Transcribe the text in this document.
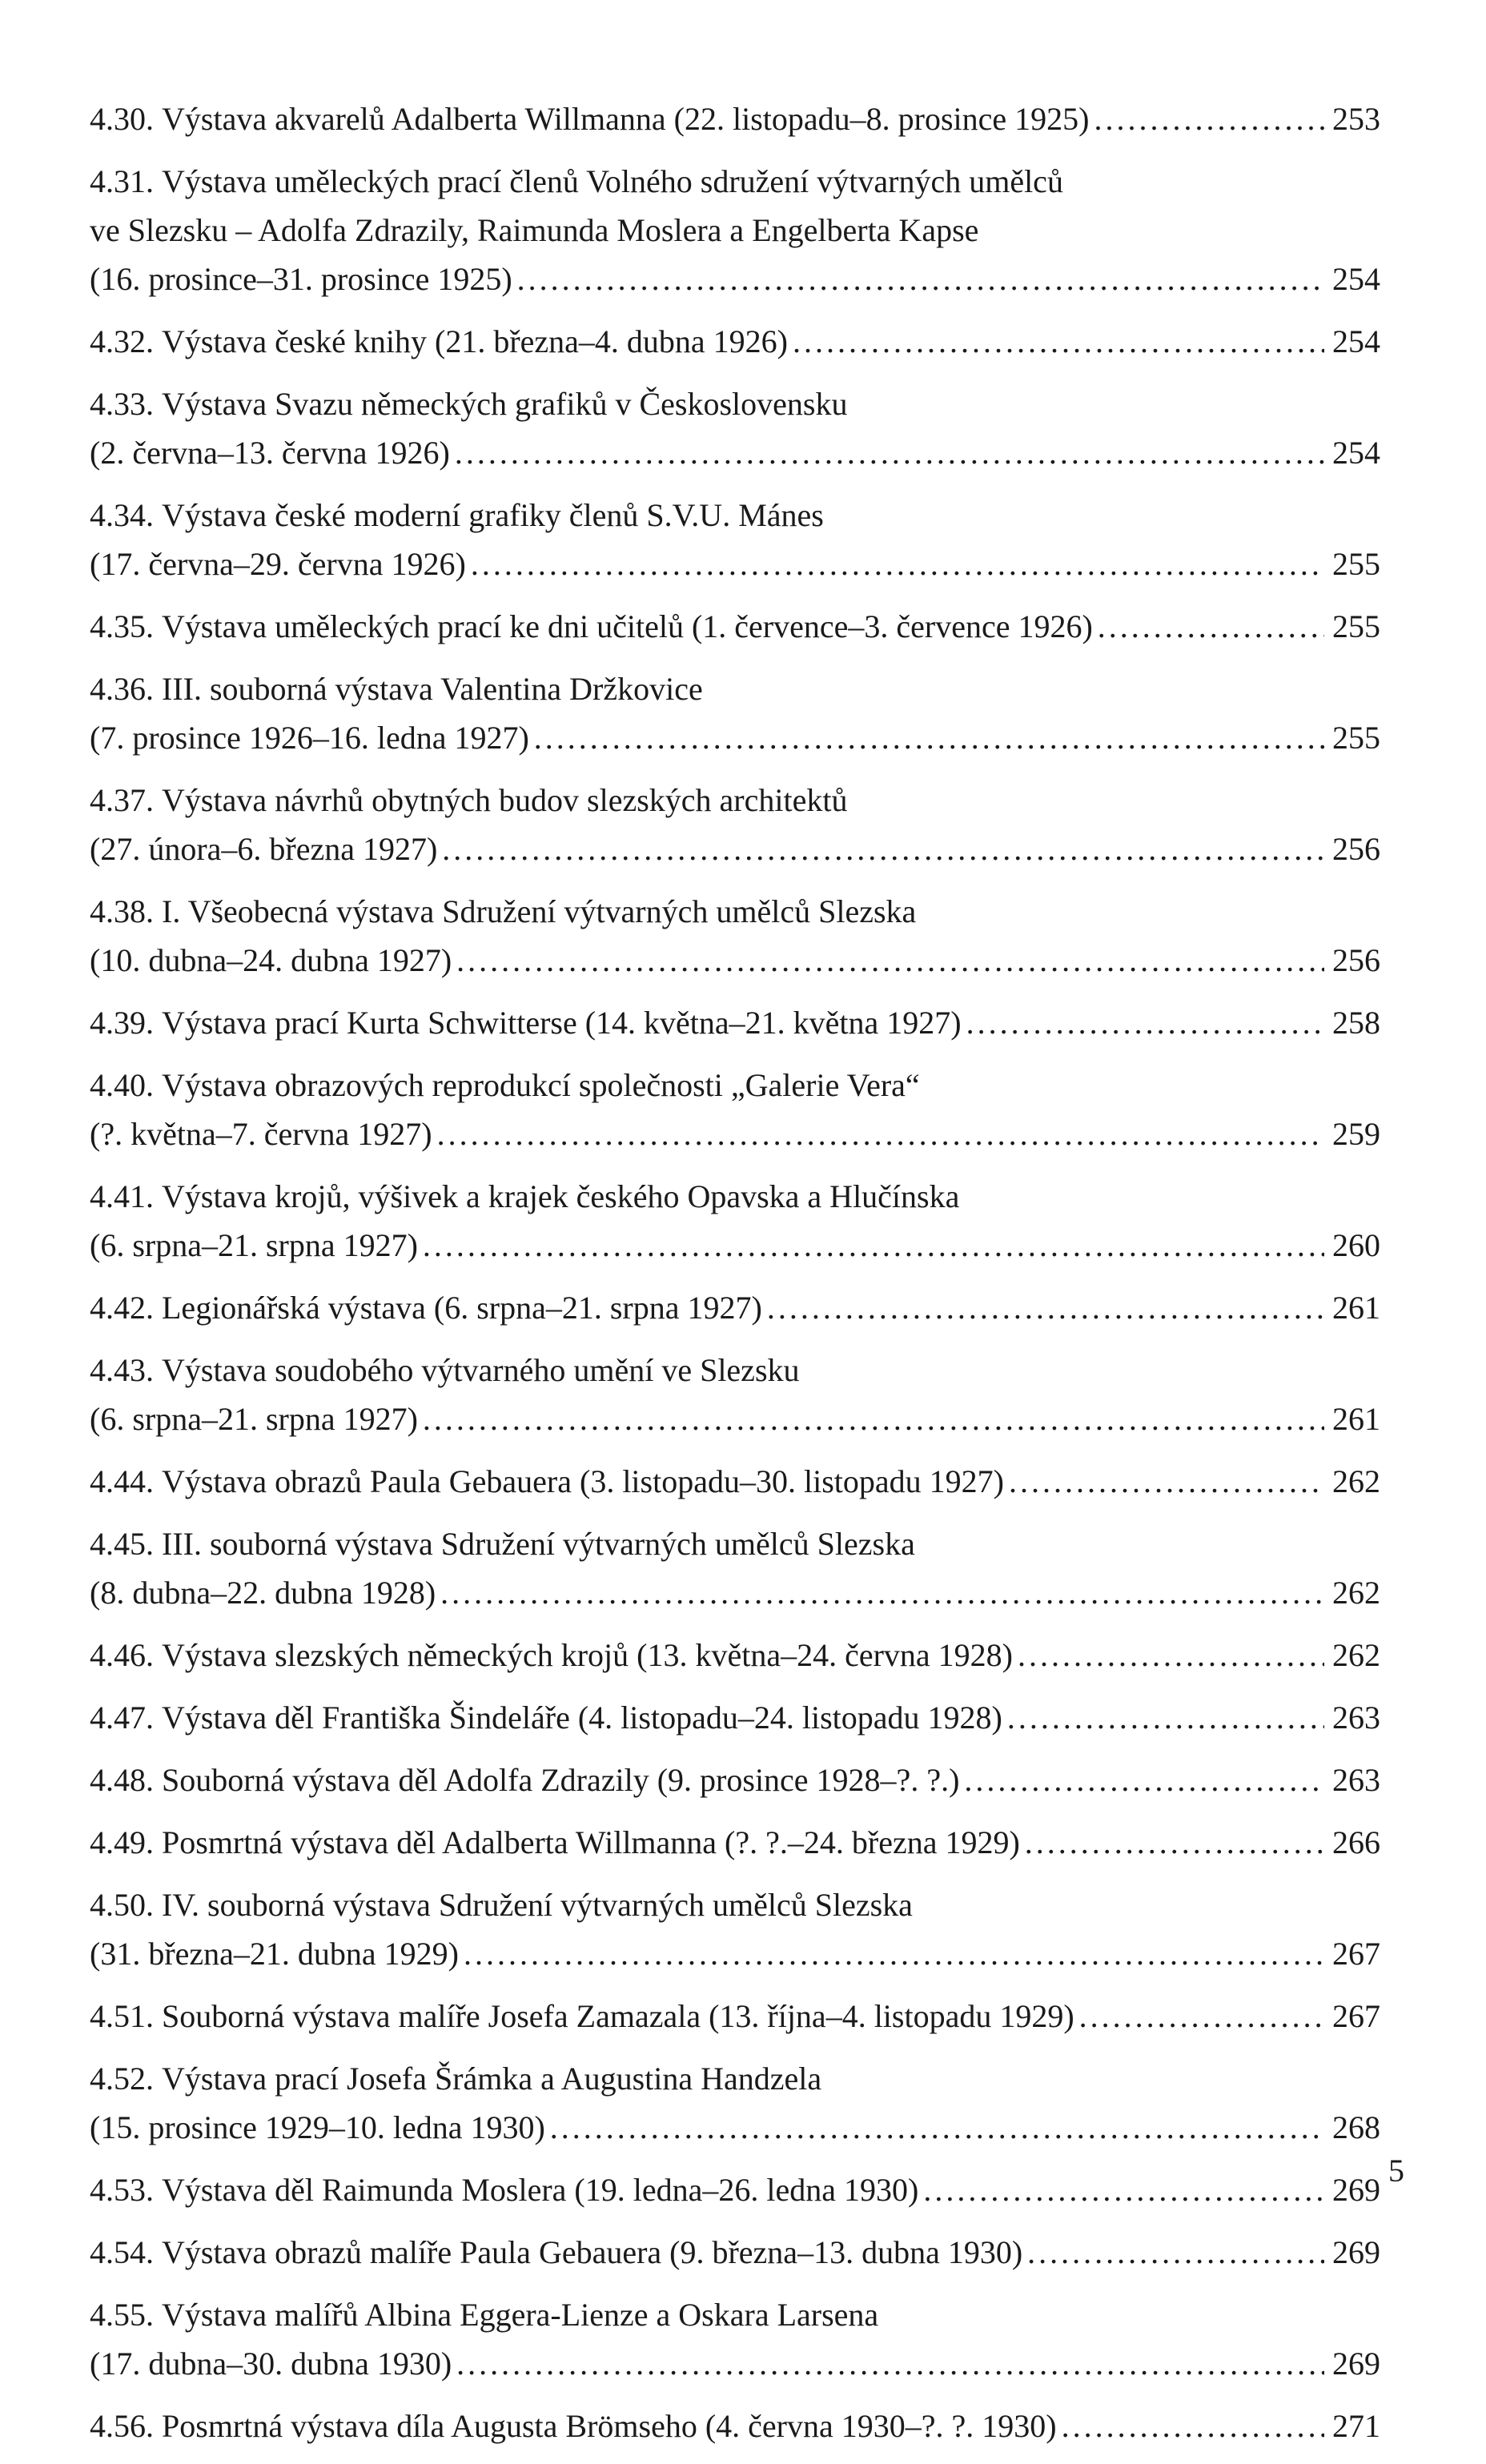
4.30. Výstava akvarelů Adalberta Willmanna (22. listopadu–8. prosince 1925) . . .	253
4.31. Výstava uměleckých prací členů Volného sdružení výtvarných umělců
ve Slezsku – Adolfa Zdrazily, Raimunda Moslera a Engelberta Kapse
(16. prosince–31. prosince 1925) . . .	254
4.32. Výstava české knihy (21. března–4. dubna 1926) . . .	254
4.33. Výstava Svazu německých grafiků v Československu
(2. června–13. června 1926) . . .	254
4.34. Výstava české moderní grafiky členů S.V.U. Mánes
(17. června–29. června 1926) . . .	255
4.35. Výstava uměleckých prací ke dni učitelů (1. července–3. července 1926) . . .	255
4.36. III. souborná výstava Valentina Držkovice
(7. prosince 1926–16. ledna 1927) . . .	255
4.37. Výstava návrhů obytných budov slezských architektů
(27. února–6. března 1927) . . .	256
4.38. I. Všeobecná výstava Sdružení výtvarných umělců Slezska
(10. dubna–24. dubna 1927) . . .	256
4.39. Výstava prací Kurta Schwitterse (14. května–21. května 1927) . . .	258
4.40. Výstava obrazových reprodukcí společnosti „Galerie Vera“
(?. května–7. června 1927) . . .	259
4.41. Výstava krojů, výšivek a krajek českého Opavska a Hlučínska
(6. srpna–21. srpna 1927) . . .	260
4.42. Legionářská výstava (6. srpna–21. srpna 1927) . . .	261
4.43. Výstava soudobého výtvarného umění ve Slezsku
(6. srpna–21. srpna 1927) . . .	261
4.44. Výstava obrazů Paula Gebauera (3. listopadu–30. listopadu 1927) . . .	262
4.45. III. souborná výstava Sdružení výtvarných umělců Slezska
(8. dubna–22. dubna 1928) . . .	262
4.46. Výstava slezských německých krojů (13. května–24. června 1928) . . .	262
4.47. Výstava děl Františka Šindeláře (4. listopadu–24. listopadu 1928) . . .	263
4.48. Souborná výstava děl Adolfa Zdrazily (9. prosince 1928–?. ?.) . . .	263
4.49. Posmrtná výstava děl Adalberta Willmanna (?. ?.–24. března 1929) . . .	266
4.50. IV. souborná výstava Sdružení výtvarných umělců Slezska
(31. března–21. dubna 1929) . . .	267
4.51. Souborná výstava malíře Josefa Zamazala (13. října–4. listopadu 1929) . . .	267
4.52. Výstava prací Josefa Šrámka a Augustina Handzela
(15. prosince 1929–10. ledna 1930) . . .	268
4.53. Výstava děl Raimunda Moslera (19. ledna–26. ledna 1930) . . .	269
4.54. Výstava obrazů malíře Paula Gebauera (9. března–13. dubna 1930) . . .	269
4.55. Výstava malířů Albina Eggera-Lienze a Oskara Larsena
(17. dubna–30. dubna 1930) . . .	269
4.56. Posmrtná výstava díla Augusta Brömseho (4. června 1930–?. ?. 1930) . . .	271
5
